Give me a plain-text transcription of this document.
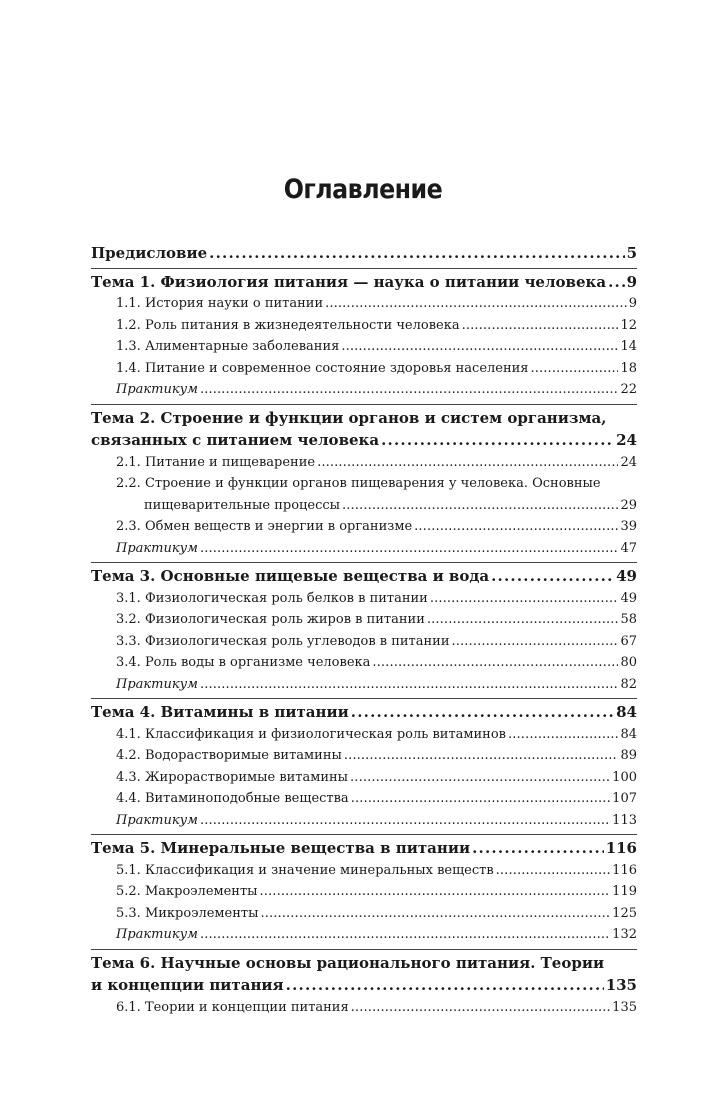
Оглавление
Предисловие . . .	5
Тема 1. Физиология питания — наука о питании человека . . . 9
1.1. История науки о питании . . .	9
1.2. Роль питания в жизнедеятельности человека . . .	12
1.3. Алиментарные заболевания . . .	14
1.4. Питание и современное состояние здоровья населения . . .	18
Практикум . . .	22
Тема 2. Строение и функции органов и систем организма,
связанных с питанием человека . . .	24
2.1. Питание и пищеварение . . .	24
2.2. Строение и функции органов пищеварения у человека. Основные
пищеварительные процессы . . .	29
2.3. Обмен веществ и энергии в организме . . .	39
Практикум . . .	47
Тема 3. Основные пищевые вещества и вода . . .	49
3.1. Физиологическая роль белков в питании . . .	49
3.2. Физиологическая роль жиров в питании . . .	58
3.3. Физиологическая роль углеводов в питании . . .	67
3.4. Роль воды в организме человека . . .	80
Практикум . . .	82
Тема 4. Витамины в питании . . .	84
4.1. Классификация и физиологическая роль витаминов . . .	84
4.2. Водорастворимые витамины . . .	89
4.3. Жирорастворимые витамины . . .	100
4.4. Витаминоподобные вещества . . .	107
Практикум . . .	113
Тема 5. Минеральные вещества в питании . . .	116
5.1. Классификация и значение минеральных веществ . . .	116
5.2. Макроэлементы . . .	119
5.3. Микроэлементы . . .	125
Практикум . . .	132
Тема 6. Научные основы рационального питания. Теории
и концепции питания . . .	135
6.1. Теории и концепции питания . . .	135
